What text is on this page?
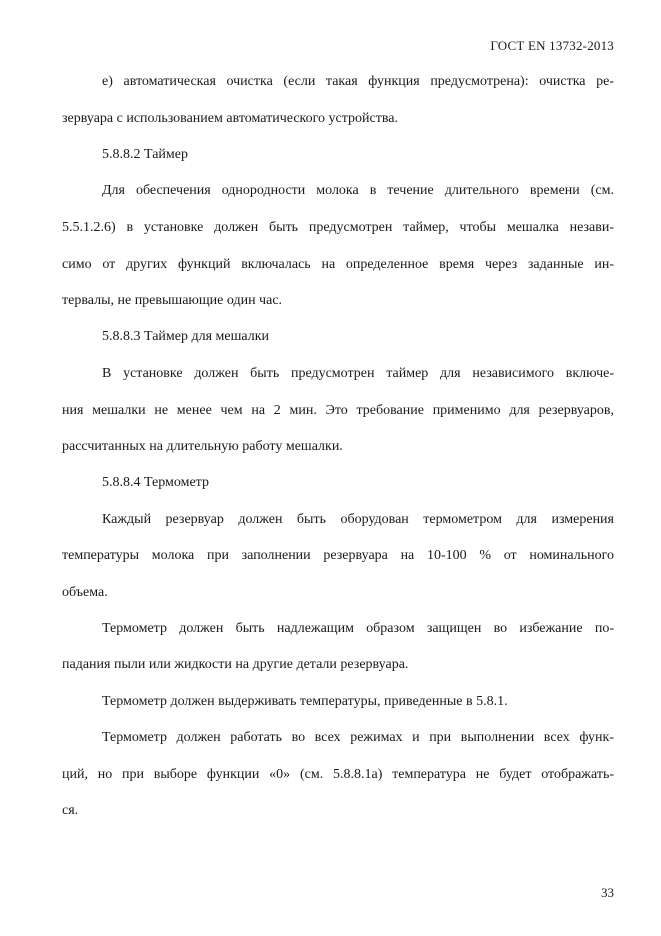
ГОСТ EN 13732-2013
е) автоматическая очистка (если такая функция предусмотрена): очистка ре-
зервуара с использованием автоматического устройства.
5.8.8.2 Таймер
Для обеспечения однородности молока в течение длительного времени (см.
5.5.1.2.6) в установке должен быть предусмотрен таймер, чтобы мешалка незави-
симо от других функций включалась на определенное время через заданные ин-
тервалы, не превышающие один час.
5.8.8.3 Таймер для мешалки
В установке должен быть предусмотрен таймер для независимого включе-
ния мешалки не менее чем на 2 мин. Это требование применимо для резервуаров,
рассчитанных на длительную работу мешалки.
5.8.8.4 Термометр
Каждый резервуар должен быть оборудован термометром для измерения
температуры молока при заполнении резервуара на 10-100 % от номинального
объема.
Термометр должен быть надлежащим образом защищен во избежание по-
падания пыли или жидкости на другие детали резервуара.
Термометр должен выдерживать температуры, приведенные в 5.8.1.
Термометр должен работать во всех режимах и при выполнении всех функ-
ций, но при выборе функции «0» (см. 5.8.8.1а) температура не будет отображать-
ся.
33
